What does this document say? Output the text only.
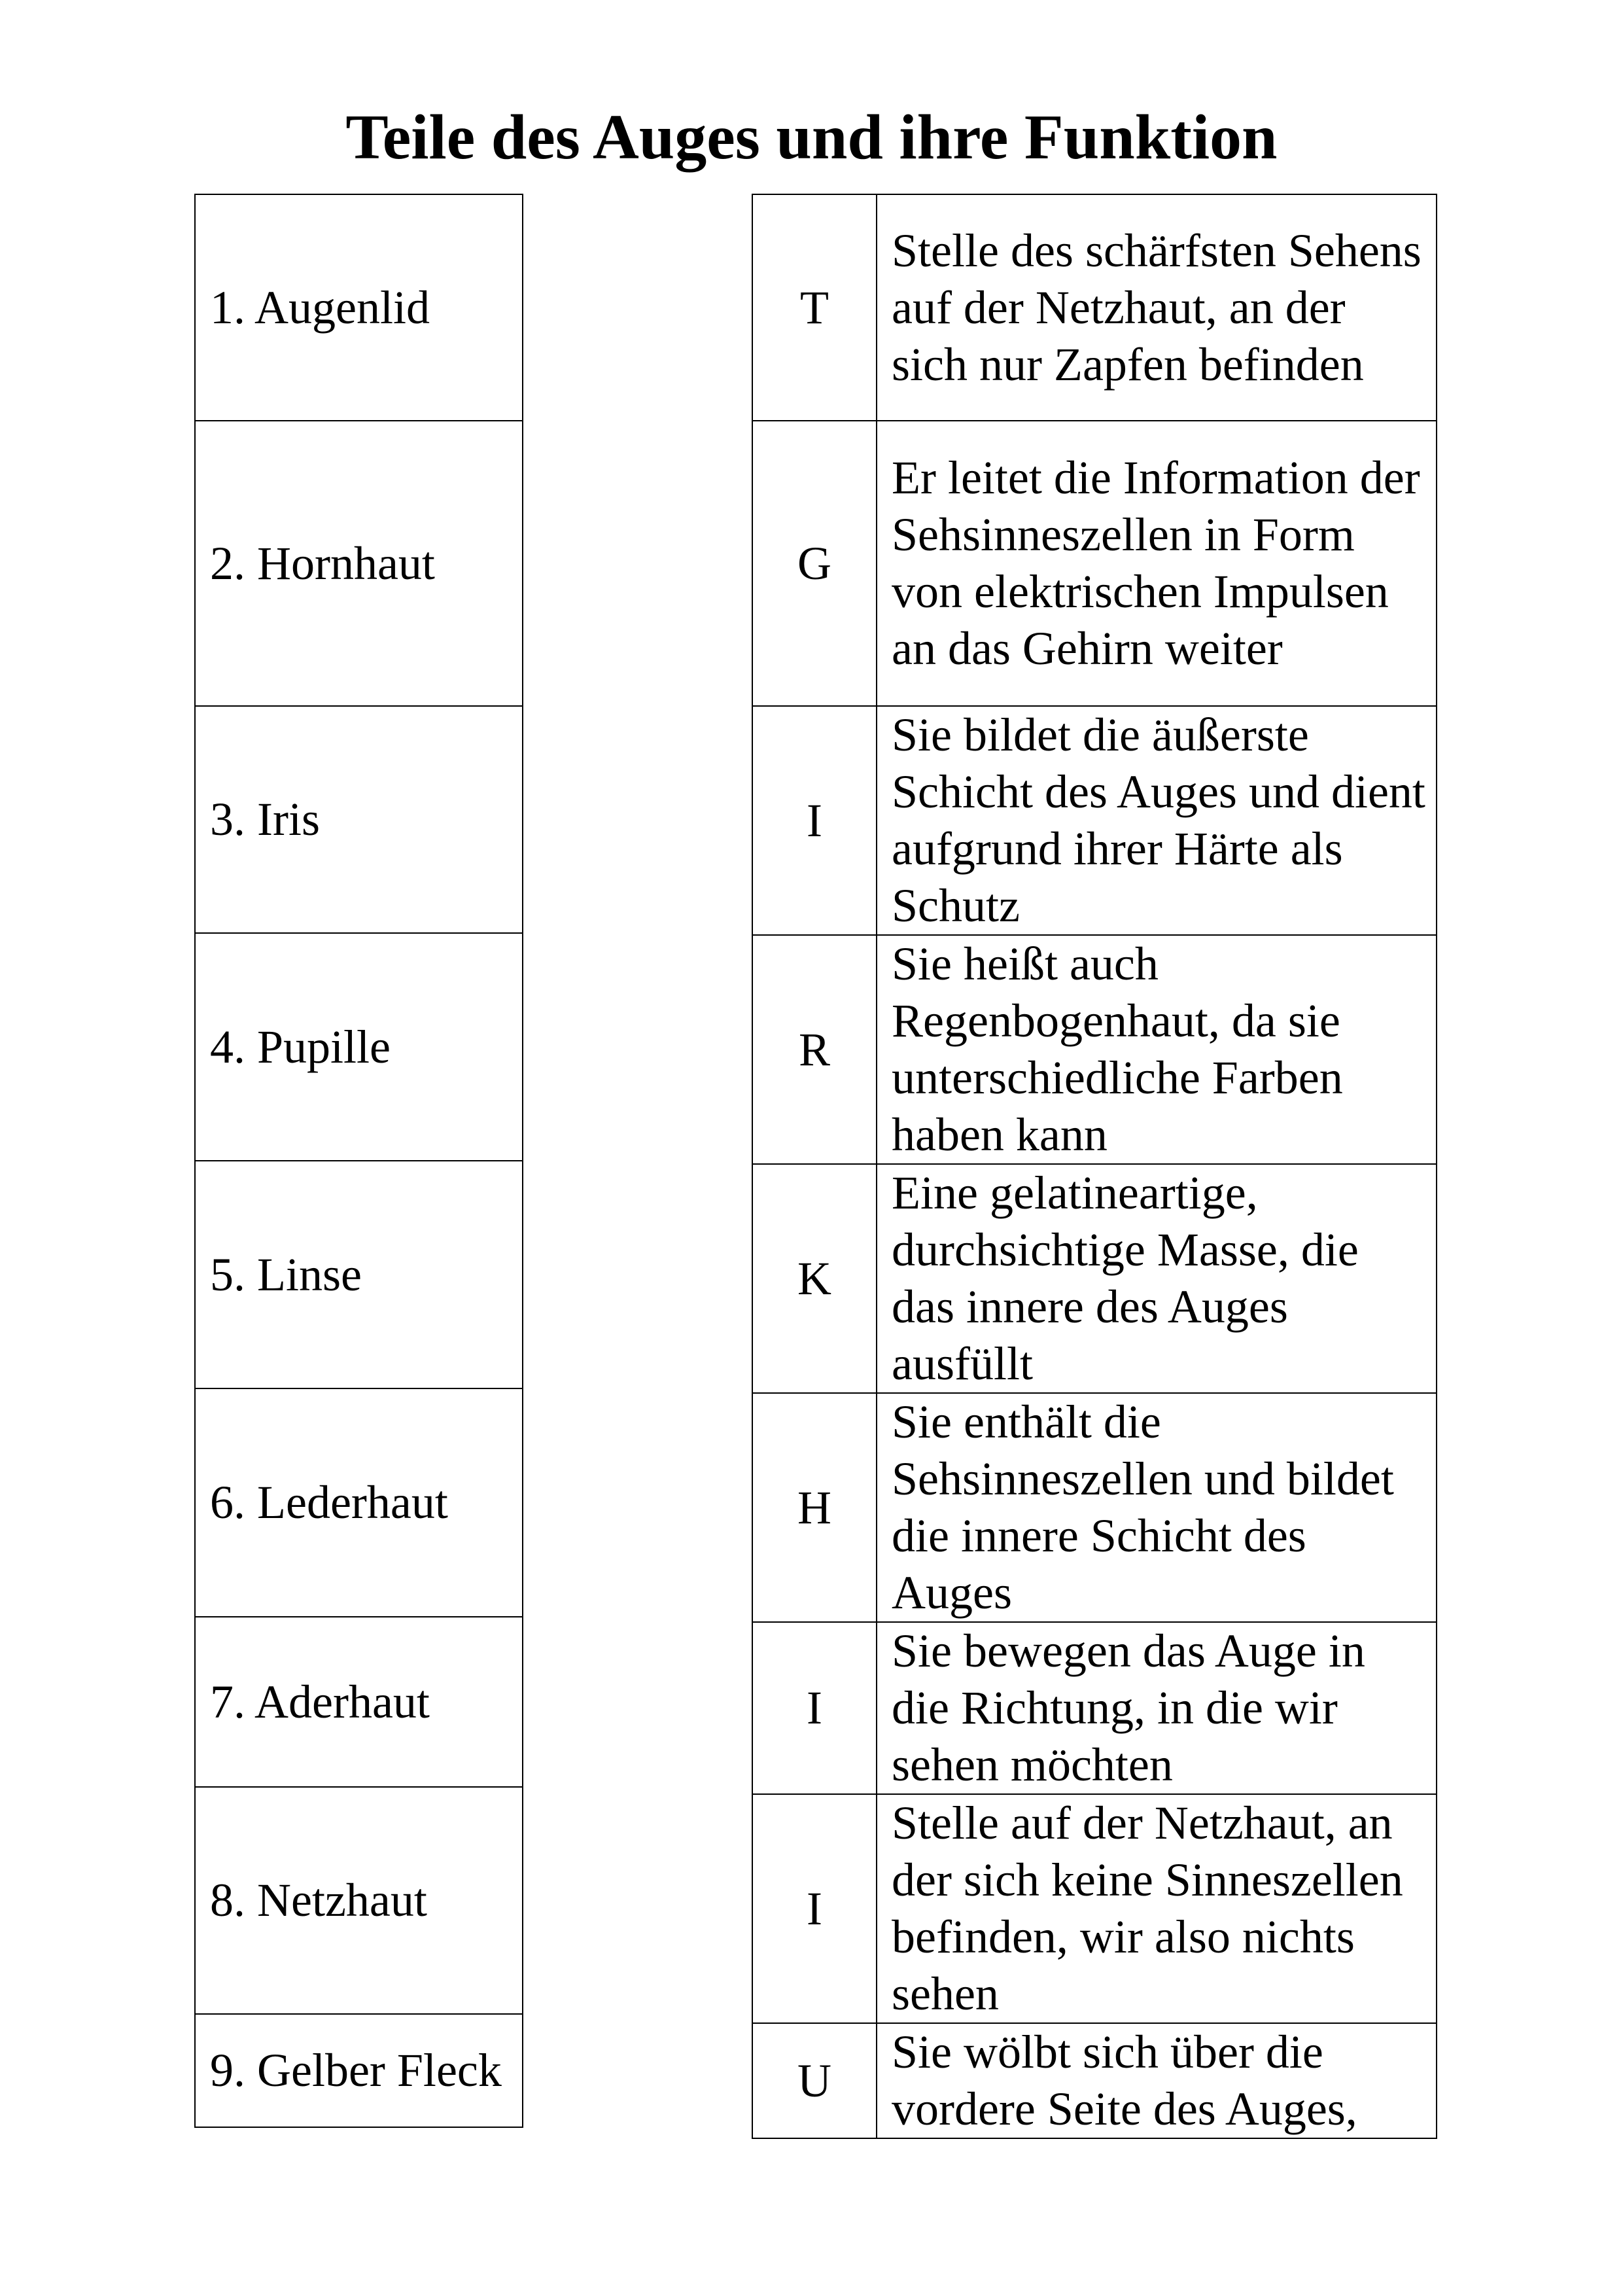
Teile des Auges und ihre Funktion
1. Augenlid
2. Hornhaut
3. Iris
4. Pupille
5. Linse
6. Lederhaut
7. Aderhaut
8. Netzhaut
9. Gelber Fleck
T	Stelle des schärfsten Sehens auf der Netzhaut, an der sich nur Zapfen befinden
G	Er leitet die Information der Sehsinneszellen in Form von elektrischen Impulsen an das Gehirn weiter
I	Sie bildet die äußerste Schicht des Auges und dient aufgrund ihrer Härte als Schutz
R	Sie heißt auch Regenbogenhaut, da sie unterschiedliche Farben haben kann
K	Eine gelatineartige, durchsichtige Masse, die das innere des Auges ausfüllt
H	Sie enthält die Sehsinneszellen und bildet die innere Schicht des Auges
I	Sie bewegen das Auge in die Richtung, in die wir sehen möchten
I	Stelle auf der Netzhaut, an der sich keine Sinneszellen befinden, wir also nichts sehen
U	Sie wölbt sich über die vordere Seite des Auges,
